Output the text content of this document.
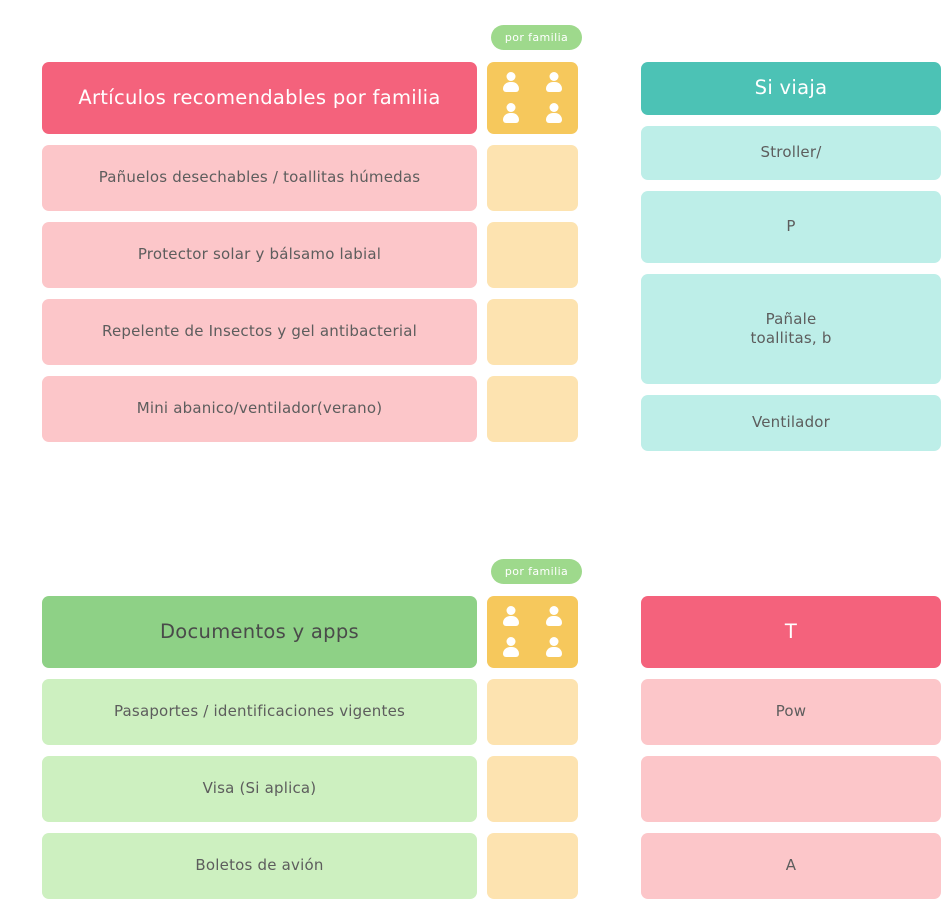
por familia
Artículos recomendables por familia
Pañuelos desechables / toallitas húmedas
Protector solar y bálsamo labial
Repelente de Insectos y gel antibacterial
Mini abanico/ventilador(verano)
por familia
Documentos y apps
Pasaportes / identificaciones vigentes
Visa (Si aplica)
Boletos de avión
Si viaja
Stroller/
P
Pañale
toallitas, b
Ventilador
T
Pow
A
